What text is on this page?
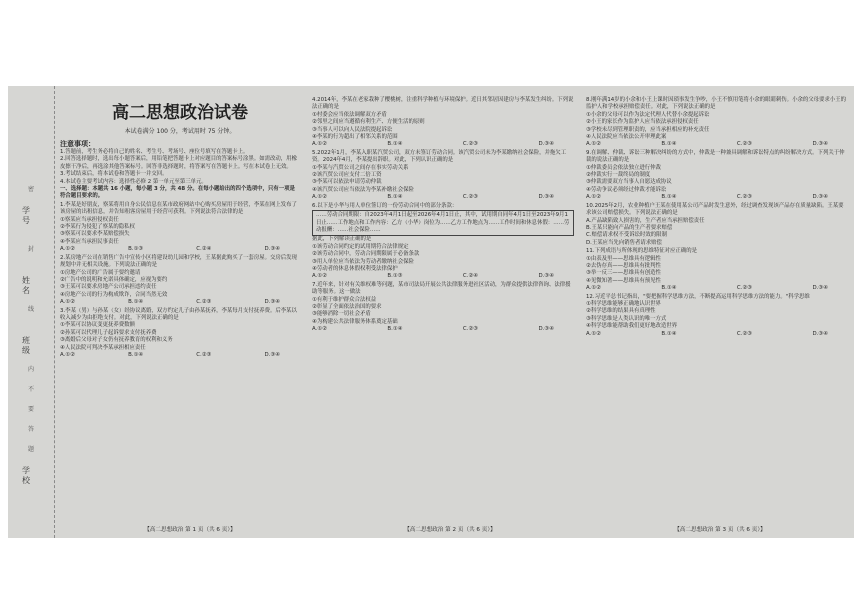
学号
姓名
班级
学校
密
封
线
内
不
要
答
题
高二思想政治试卷
本试卷满分 100 分，考试用时 75 分钟。
注意事项：

1.答题前，考生务必将自己的姓名、考生号、考场号、座位号填写在答题卡上。

2.回答选择题时，选出每小题答案后，用铅笔把答题卡上对应题目的答案标号涂黑。如需改动，用橡皮擦干净后，再选涂其他答案标号。回答非选择题时，将答案写在答题卡上。写在本试卷上无效。

3.考试结束后，将本试卷和答题卡一并交回。

4.本试卷主要考试内容：选择性必修 2 第一单元至第三单元。

一、选择题：本题共 16 小题，每小题 3 分，共 48 分。在每小题给出的四个选项中，只有一项是符合题目要求的。

1.李某是好朋友，察某将用自身公民信息在某市政府网站中心购买房屋用于经营，李某在网上发布了该房屋的出租信息，并告知租客房屋用于经营可获利。下列说法符合法律的是

①察某应当承担侵权责任

②李某行为侵犯了察某的隐私权

③察某可以要求李某赔偿损失

④李某应当承担民事责任

A.①②	B.①③	C.②④	D.③④

2.某房地产公司在销售广告中宣传小区将建设幼儿园和学校，王某据此购买了一套房屋。交房后发现规划中并无相关设施。下列说法正确的是

①房地产公司的广告属于要约邀请

②广告中的说明和允诺具体确定，应视为要约

③王某可以要求房地产公司承担违约责任

④房地产公司的行为构成欺诈，合同当然无效

A.①②	B.①④	C.②③	D.③④

3.李某（男）与孙某（女）经协议离婚，双方约定儿子由孙某抚养，李某每月支付抚养费。后李某以收入减少为由拒绝支付。对此，下列说法正确的是

①李某可以协议变更抚养费数额

②孙某可以代理儿子起诉要求支付抚养费

③离婚后父母对子女仍有抚养教育的权利和义务

④人民法院可判决李某承担相应责任

A.①②	B.①④	C.②③	D.③④

4.2014年，李某在老家栽种了樱桃树，注重科学种植与环境保护。近日其邻居因建房与李某发生纠纷。下列说法正确的是

①村委会应当依法调解双方矛盾

②邻里之间应当遵循有利生产、方便生活的原则

③当事人可以向人民法院提起诉讼

④李某的行为超出了相邻关系的范围

A.①②	B.①④	C.②③	D.③④

5.2022年1月，李某入职某汽贸公司，双方未签订劳动合同。该汽贸公司未为李某缴纳社会保险，并拖欠工资。2024年4月，李某提出辞职。对此，下列认识正确的是

①李某与汽贸公司之间存在事实劳动关系

②该汽贸公司应支付二倍工资

③李某可以依法申请劳动仲裁

④该汽贸公司应当依法为李某补缴社会保险

A.①②	B.①④	C.②③	D.③④

6.以下是小华与用人单位签订的一份劳动合同中的部分条款：

……劳动合同期限：自2023年4月1日起至2026年4月1日止，其中，试用期自同年4月1日至2023年9月1日止……工作地点和工作内容：乙方（小华）岗位为……乙方工作地点为……工作时间和休息休假：……劳动报酬：……社会保险……

据此，下列解读正确的是

①该劳动合同约定的试用期符合法律规定

②该劳动合同中，劳动合同期限属于必备条款

③用人单位应当依法为劳动者缴纳社会保险

④劳动者的休息休假权利受法律保护

A.①②	B.①③	C.②④	D.③④

7.近年来，针对有关维权难等问题，某市司法局开展公共法律服务进社区活动，为群众提供法律咨询、法律援助等服务。这一做法

①有利于维护群众合法权益

②彰显了全面依法治国的要求

③能够消除一切社会矛盾

④为构建公共法律服务体系奠定基础

A.①②	B.①④	C.②③	D.③④

8.刚年满14岁的小余和小王上课时因琐事发生争吵，小王不慎用笔将小余的眼睛刺伤。小余的父母要求小王的监护人和学校承担赔偿责任。对此，下列说法正确的是

①小余的父母可以作为法定代理人代替小余提起诉讼

②小王的家长作为监护人应当依法承担侵权责任

③学校未尽到管理职责的，应当承担相应的补充责任

④人民法院应当依法公开审理此案

A.①②	B.①④	C.②③	D.③④

9.在调解、仲裁、诉讼三种解决纠纷的方式中，仲裁是一种兼具调解和诉讼特点的纠纷解决方式。下列关于仲裁的说法正确的是

①仲裁委员会依法独立进行仲裁

②仲裁实行一裁终局的制度

③仲裁需要双方当事人自愿达成协议

④劳动争议必须经过仲裁才能诉讼

A.①②	B.①④	C.②③	D.③④

10.2025年2月，农业种植户王某在使用某公司产品时发生意外，经过调查发现该产品存在质量缺陷。王某要求该公司赔偿损失。下列说法正确的是

A.产品缺陷致人损害的，生产者应当承担赔偿责任

B.王某只能向产品的生产者要求赔偿

C.赔偿请求权不受诉讼时效的限制

D.王某应当先向销售者请求赔偿

11.下列成语与所体现的思维特征对应正确的是

①由表及里——思维具有逻辑性

②去伪存真——思维具有批判性

③举一反三——思维具有创造性

④见微知著——思维具有预见性

A.①②	B.①④	C.②③	D.③④

12.习近平总书记指出，"要把握科学思维方法，不断提高运用科学思维方法的能力。"科学思维

①科学思维能够正确地认识世界

②科学思维的结果具有真理性

③科学思维是人类认识的唯一方式

④科学思维能帮助我们更好地改造世界

A.①②	B.①④	C.②③	D.③④
【高二思想政治 第 1 页（共 6 页）】	【高二思想政治 第 2 页（共 6 页）】	【高二思想政治 第 3 页（共 6 页）】
